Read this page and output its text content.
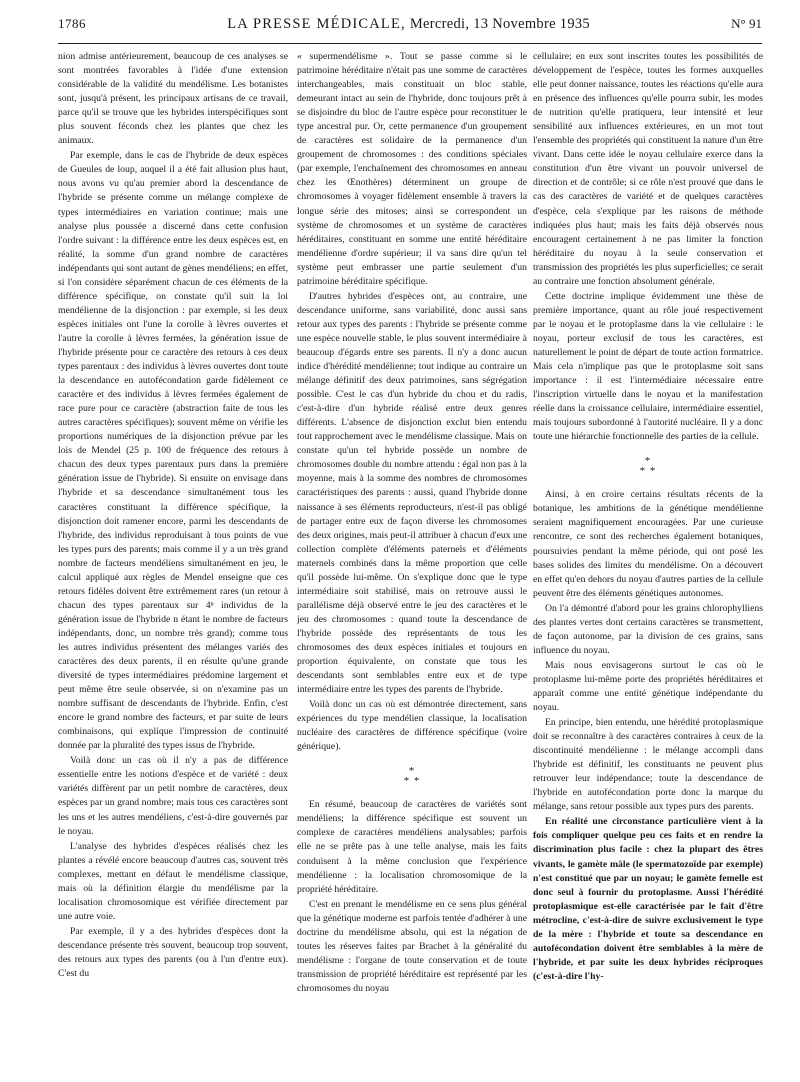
1786	LA PRESSE MÉDICALE, Mercredi, 13 Novembre 1935	N° 91

nion admise antérieurement, beaucoup de ces analyses se sont montrées favorables à l'idée d'une extension considérable de la validité du mendélisme. Les botanistes sont, jusqu'à présent, les principaux artisans de ce travail, parce qu'il se trouve que les hybrides interspécifiques sont plus souvent féconds chez les plantes que chez les animaux.

Par exemple, dans le cas de l'hybride de deux espèces de Gueules de loup, auquel il a été fait allusion plus haut, nous avons vu qu'au premier abord la descendance de l'hybride se présente comme un mélange complexe de types intermédiaires en variation continue; mais une analyse plus poussée a discerné dans cette confusion l'ordre suivant : la différence entre les deux espèces est, en réalité, la somme d'un grand nombre de caractères indépendants qui sont autant de gènes mendéliens; en effet, si l'on considère séparément chacun de ces éléments de la différence spécifique, on constate qu'il suit la loi mendélienne de la disjonction : par exemple, si les deux espèces initiales ont l'une la corolle à lèvres ouvertes et l'autre la corolle à lèvres fermées, la génération issue de l'hybride présente pour ce caractère des retours à ces deux types parentaux : des individus à lèvres ouvertes dont toute la descendance en autofécondation garde fidèlement ce caractère et des individus à lèvres fermées également de race pure pour ce caractère (abstraction faite de tous les autres caractères spécifiques); souvent même on vérifie les proportions numériques de la disjonction prévue par les lois de Mendel (25 p. 100 de fréquence des retours à chacun des deux types parentaux purs dans la première génération issue de l'hybride). Si ensuite on envisage dans l'hybride et sa descendance simultanément tous les caractères constituant la différence spécifique, la disjonction doit ramener encore, parmi les descendants de l'hybride, des individus reproduisant à tous points de vue les types purs des parents; mais comme il y a un très grand nombre de facteurs mendéliens simultanément en jeu, le calcul appliqué aux règles de Mendel enseigne que ces retours fidèles doivent être extrêmement rares (un retour à chacun des types parentaux sur 4ⁿ individus de la génération issue de l'hybride n étant le nombre de facteurs indépendants, donc, un nombre très grand); comme tous les autres individus présentent des mélanges variés des caractères des deux parents, il en résulte qu'une grande diversité de types intermédiaires prédomine largement et peut même être seule observée, si on n'examine pas un nombre suffisant de descendants de l'hybride. Enfin, c'est encore le grand nombre des facteurs, et par suite de leurs combinaisons, qui explique l'impression de continuité donnée par la pluralité des types issus de l'hybride.

Voilà donc un cas où il n'y a pas de différence essentielle entre les notions d'espèce et de variété : deux variétés diffèrent par un petit nombre de caractères, deux espèces par un grand nombre; mais tous ces caractères sont les uns et les autres mendéliens, c'est-à-dire gouvernés par le noyau.

L'analyse des hybrides d'espèces réalisés chez les plantes a révélé encore beaucoup d'autres cas, souvent très complexes, mettant en défaut le mendélisme classique, mais où la définition élargie du mendélisme par la localisation chromosomique est vérifiée directement par une autre voie.

Par exemple, il y a des hybrides d'espèces dont la descendance présente très souvent, beaucoup trop souvent, des retours aux types des parents (ou à l'un d'entre eux). C'est du

« supermendélisme ». Tout se passe comme si le patrimoine héréditaire n'était pas une somme de caractères interchangeables, mais constituait un bloc stable, demeurant intact au sein de l'hybride, donc toujours prêt à se disjoindre du bloc de l'autre espèce pour reconstituer le type ancestral pur. Or, cette permanence d'un groupement de caractères est solidaire de la permanence d'un groupement de chromosomes : des conditions spéciales (par exemple, l'enchaînement des chromosomes en anneau chez les Œnothères) déterminent un groupe de chromosomes à voyager fidèlement ensemble à travers la longue série des mitoses; ainsi se correspondent un système de chromosomes et un système de caractères héréditaires, constituant en somme une entité héréditaire mendélienne d'ordre supérieur; il va sans dire qu'un tel système peut embrasser une partie seulement d'un patrimoine héréditaire spécifique.

D'autres hybrides d'espèces ont, au contraire, une descendance uniforme, sans variabilité, donc aussi sans retour aux types des parents : l'hybride se présente comme une espèce nouvelle stable, le plus souvent intermédiaire à beaucoup d'égards entre ses parents. Il n'y a donc aucun indice d'hérédité mendélienne; tout indique au contraire un mélange définitif des deux patrimoines, sans ségrégation possible. C'est le cas d'un hybride du chou et du radis, c'est-à-dire d'un hybride réalisé entre deux genres différents. L'absence de disjonction exclut bien entendu tout rapprochement avec le mendélisme classique. Mais on constate qu'un tel hybride possède un nombre de chromosomes double du nombre attendu : égal non pas à la moyenne, mais à la somme des nombres de chromosomes caractéristiques des parents : aussi, quand l'hybride donne naissance à ses éléments reproducteurs, n'est-il pas obligé de partager entre eux de façon diverse les chromosomes des deux origines, mais peut-il attribuer à chacun d'eux une collection complète d'éléments paternels et d'éléments maternels combinés dans la même proportion que celle qu'il possède lui-même. On s'explique donc que le type intermédiaire soit stabilisé, mais on retrouve aussi le parallélisme déjà observé entre le jeu des caractères et le jeu des chromosomes : quand toute la descendance de l'hybride possède des représentants de tous les chromosomes des deux espèces initiales et toujours en proportion équivalente, on constate que tous les descendants sont semblables entre eux et de type intermédiaire entre les types des parents de l'hybride.

Voilà donc un cas où est démontrée directement, sans expériences du type mendélien classique, la localisation nucléaire des caractères de différence spécifique (voire générique).

*
* *

En résumé, beaucoup de caractères de variétés sont mendéliens; la différence spécifique est souvent un complexe de caractères mendéliens analysables; parfois elle ne se prête pas à une telle analyse, mais les faits conduisent à la même conclusion que l'expérience mendélienne : la localisation chromosomique de la propriété héréditaire.

C'est en prenant le mendélisme en ce sens plus général que la génétique moderne est parfois tentée d'adhérer à une doctrine du mendélisme absolu, qui est la négation de toutes les réserves faites par Brachet à la généralité du mendélisme : l'organe de toute conservation et de toute transmission de propriété héréditaire est représenté par les chromosomes du noyau

cellulaire; en eux sont inscrites toutes les possibilités de développement de l'espèce, toutes les formes auxquelles elle peut donner naissance, toutes les réactions qu'elle aura en présence des influences qu'elle pourra subir, les modes de nutrition qu'elle pratiquera, leur intensité et leur sensibilité aux influences extérieures, en un mot tout l'ensemble des propriétés qui constituent la nature d'un être vivant. Dans cette idée le noyau cellulaire exerce dans la constitution d'un être vivant un pouvoir universel de direction et de contrôle; si ce rôle n'est prouvé que dans le cas des caractères de variété et de quelques caractères d'espèce, cela s'explique par les raisons de méthode indiquées plus haut; mais les faits déjà observés nous encouragent certainement à ne pas limiter la fonction héréditaire du noyau à la seule conservation et transmission des propriétés les plus superficielles; ce serait au contraire une fonction absolument générale.

Cette doctrine implique évidemment une thèse de première importance, quant au rôle joué respectivement par le noyau et le protoplasme dans la vie cellulaire : le noyau, porteur exclusif de tous les caractères, est naturellement le point de départ de toute action formatrice. Mais cela n'implique pas que le protoplasme soit sans importance : il est l'intermédiaire nécessaire entre l'inscription virtuelle dans le noyau et la manifestation réelle dans la croissance cellulaire, intermédiaire essentiel, mais toujours subordonné à l'autorité nucléaire. Il y a donc toute une hiérarchie fonctionnelle des parties de la cellule.

*
* *

Ainsi, à en croire certains résultats récents de la botanique, les ambitions de la génétique mendélienne seraient magnifiquement encouragées. Par une curieuse rencontre, ce sont des recherches également botaniques, poursuivies pendant la même période, qui ont posé les bases solides des limites du mendélisme. On a découvert en effet qu'en dehors du noyau d'autres parties de la cellule peuvent être des éléments génétiques autonomes.

On l'a démontré d'abord pour les grains chlorophylliens des plantes vertes dont certains caractères se transmettent, de façon autonome, par la division de ces grains, sans influence du noyau.

Mais nous envisagerons surtout le cas où le protoplasme lui-même porte des propriétés héréditaires et apparaît comme une entité génétique indépendante du noyau.

En principe, bien entendu, une hérédité protoplasmique doit se reconnaître à des caractères contraires à ceux de la discontinuité mendélienne : le mélange accompli dans l'hybride est définitif, les constituants ne peuvent plus retrouver leur indépendance; toute la descendance de l'hybride en autofécondation porte donc la marque du mélange, sans retour possible aux types purs des parents.

En réalité une circonstance particulière vient à la fois compliquer quelque peu ces faits et en rendre la discrimination plus facile : chez la plupart des êtres vivants, le gamète mâle (le spermatozoïde par exemple) n'est constitué que par un noyau; le gamète femelle est donc seul à fournir du protoplasme. Aussi l'hérédité protoplasmique est-elle caractérisée par le fait d'être métrocline, c'est-à-dire de suivre exclusivement le type de la mère : l'hybride et toute sa descendance en autofécondation doivent être semblables à la mère de l'hybride, et par suite les deux hybrides réciproques (c'est-à-dire l'hy-
